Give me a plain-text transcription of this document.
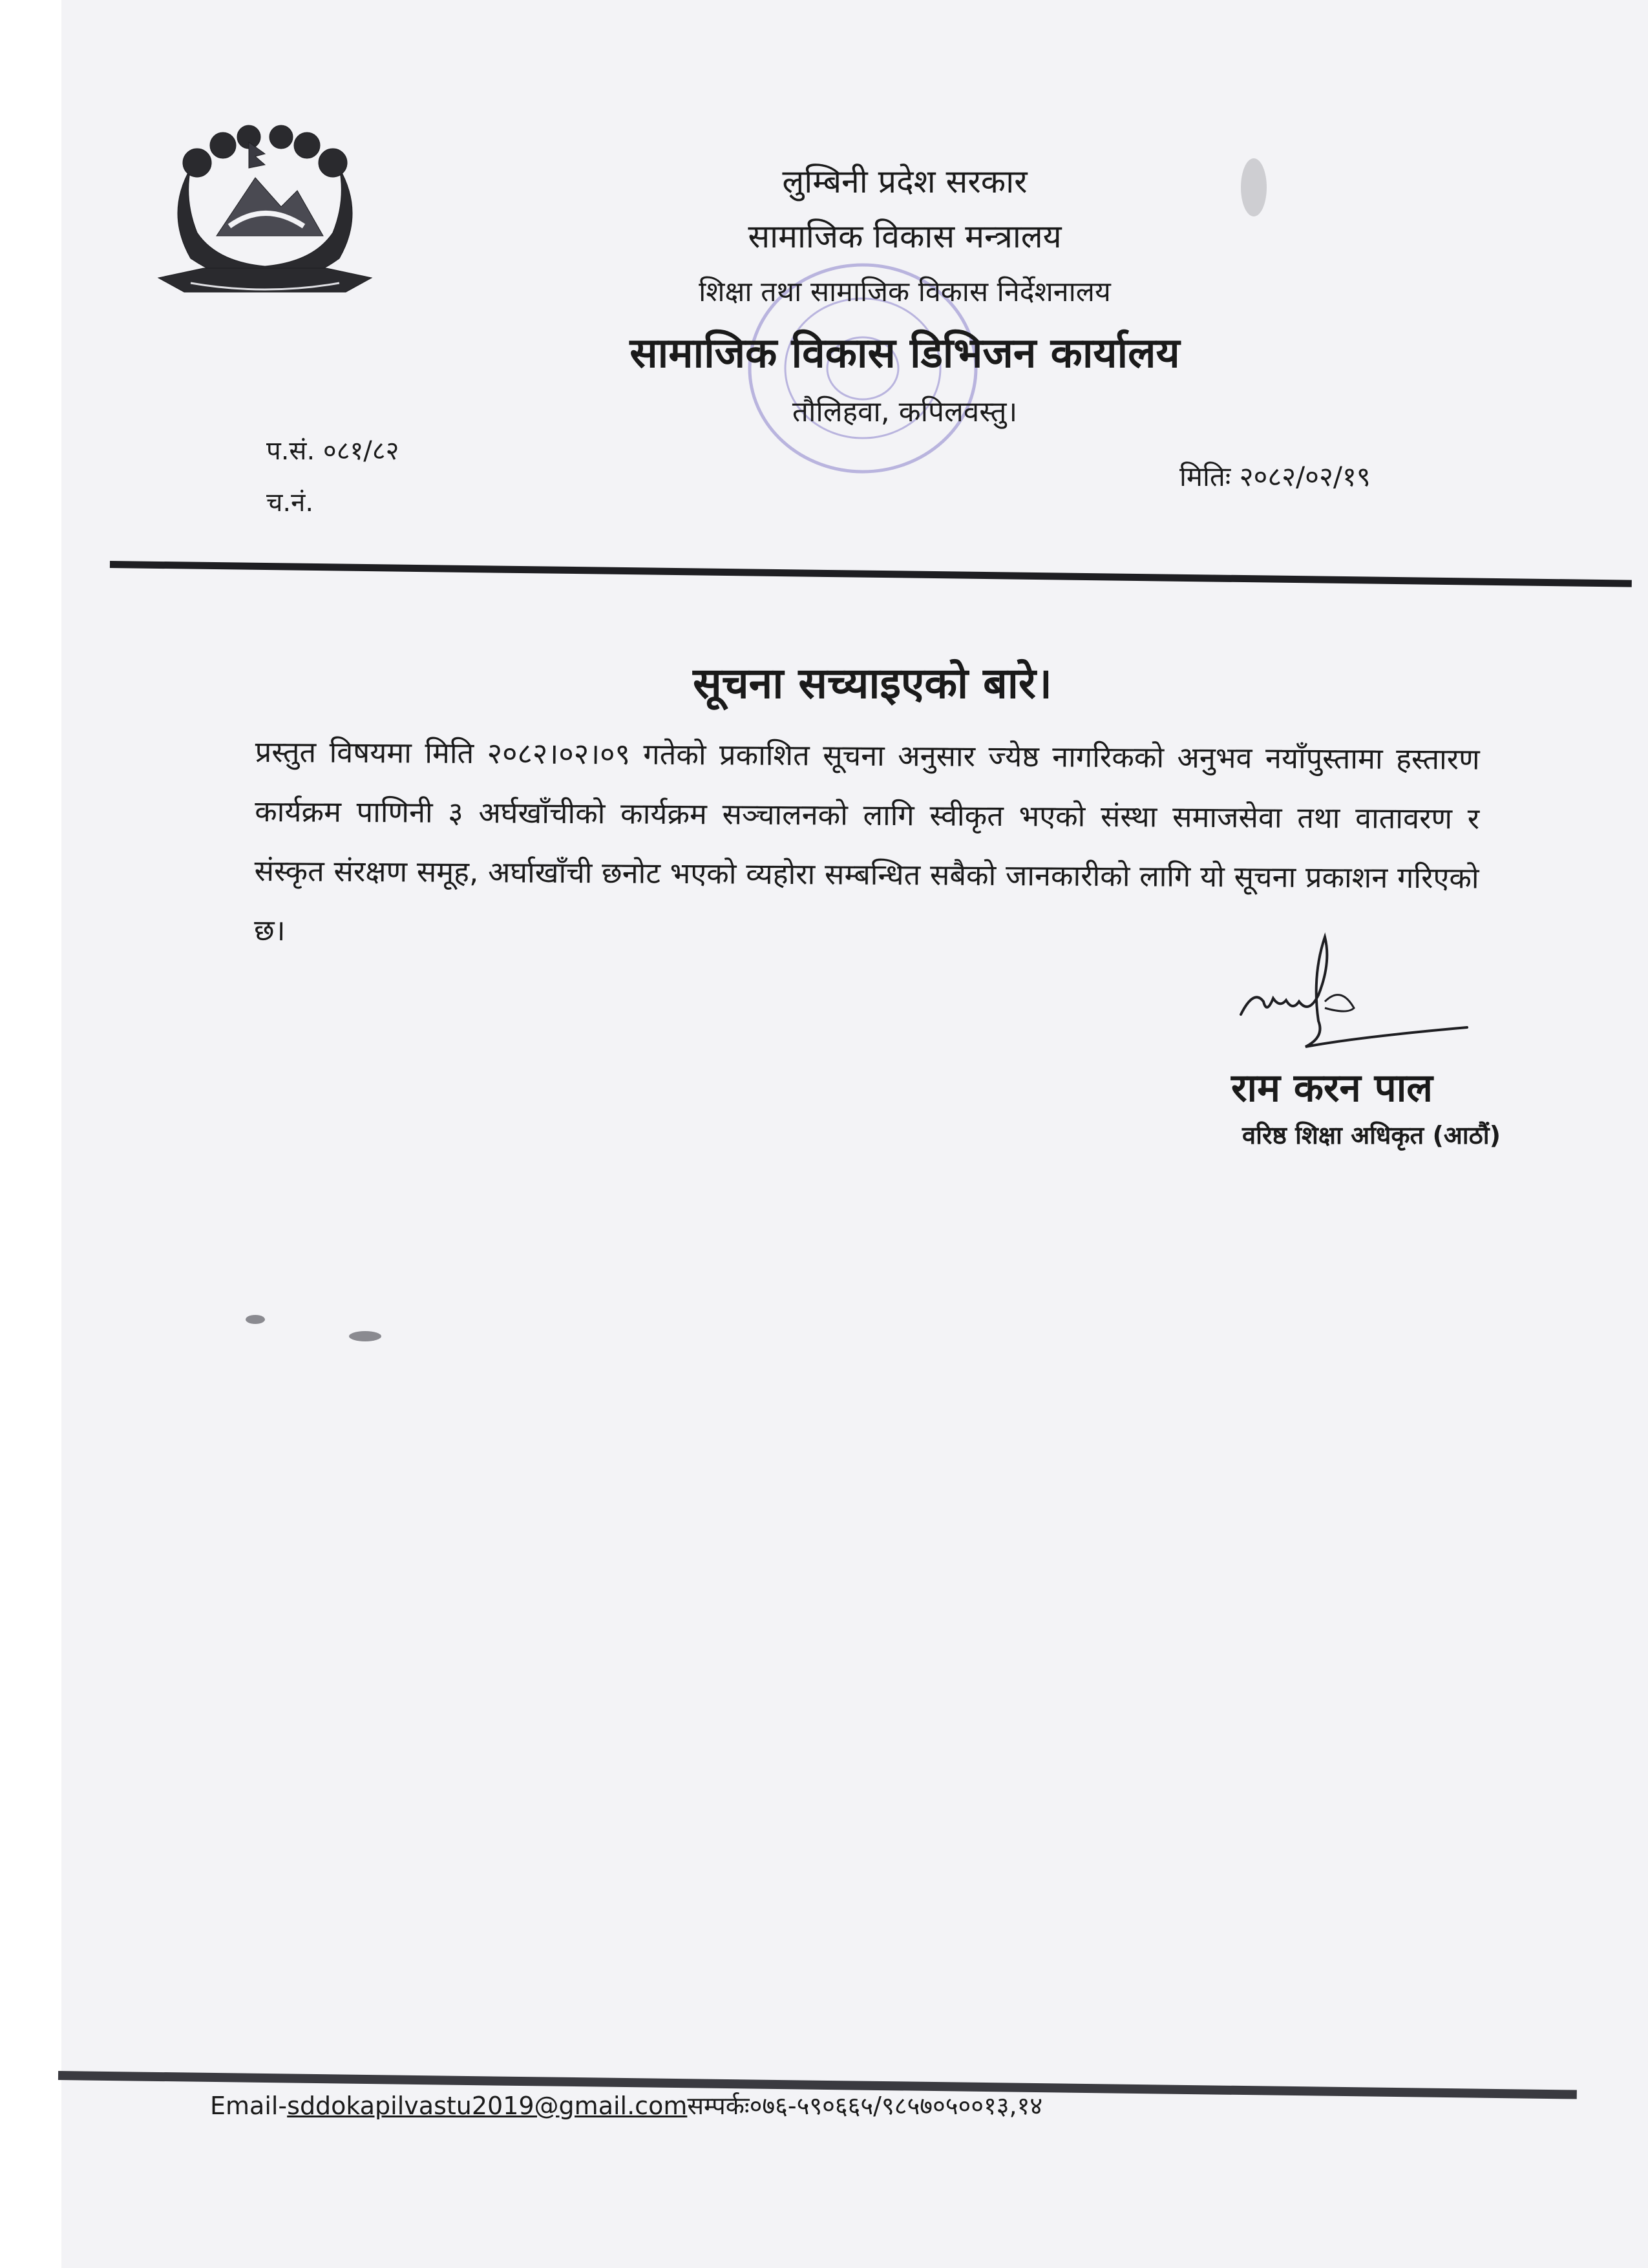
लुम्बिनी प्रदेश सरकार
सामाजिक विकास मन्त्रालय
शिक्षा तथा सामाजिक विकास निर्देशनालय
सामाजिक विकास डिभिजन कार्यालय
तौलिहवा, कपिलवस्तु।
प.सं. ०८१/८२
च.नं.
मितिः २०८२/०२/१९
सूचना सच्याइएको बारे।
प्रस्तुत विषयमा मिति २०८२।०२।०९ गतेको प्रकाशित सूचना अनुसार ज्येष्ठ नागरिकको अनुभव नयाँपुस्तामा हस्तारण कार्यक्रम पाणिनी ३ अर्घखाँचीको कार्यक्रम सञ्चालनको लागि स्वीकृत भएको संस्था समाजसेवा तथा वातावरण र संस्कृत संरक्षण समूह, अर्घाखाँची छनोट भएको व्यहोरा सम्बन्धित सबैको जानकारीको लागि यो सूचना प्रकाशन गरिएको छ।
राम करन पाल
वरिष्ठ शिक्षा अधिकृत (आठौं)
Email-sddokapilvastu2019@gmail.comसम्पर्कः०७६-५९०६६५/९८५७०५००१३,१४
